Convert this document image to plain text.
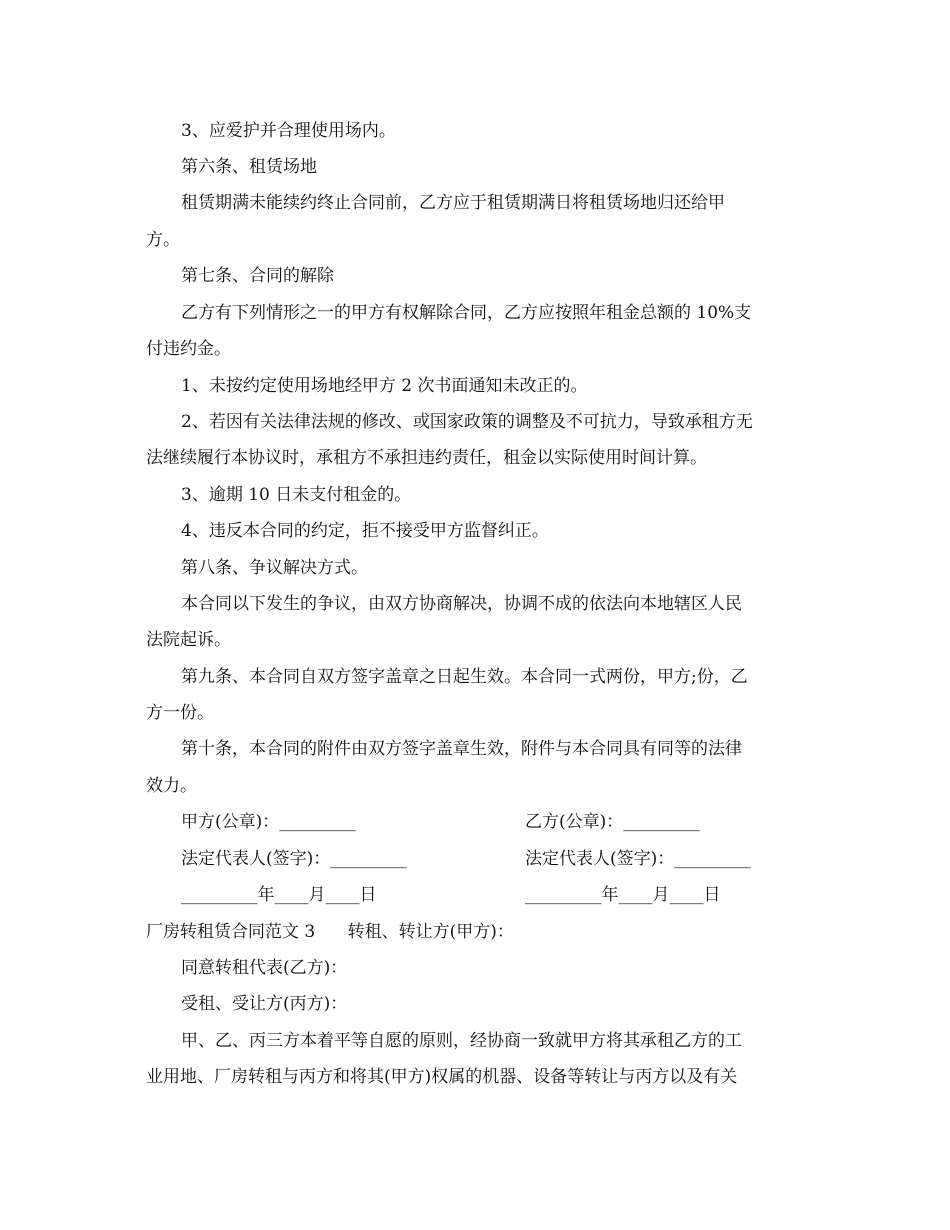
3、应爱护并合理使用场内。
第六条、租赁场地
租赁期满未能续约终止合同前，乙方应于租赁期满日将租赁场地归还给甲
方。
第七条、合同的解除
乙方有下列情形之一的甲方有权解除合同，乙方应按照年租金总额的 10%支
付违约金。
1、未按约定使用场地经甲方 2 次书面通知未改正的。
2、若因有关法律法规的修改、或国家政策的调整及不可抗力，导致承租方无
法继续履行本协议时，承租方不承担违约责任，租金以实际使用时间计算。
3、逾期 10 日未支付租金的。
4、违反本合同的约定，拒不接受甲方监督纠正。
第八条、争议解决方式。
本合同以下发生的争议，由双方协商解决，协调不成的依法向本地辖区人民
法院起诉。
第九条、本合同自双方签字盖章之日起生效。本合同一式两份，甲方;份，乙
方一份。
第十条，本合同的附件由双方签字盖章生效，附件与本合同具有同等的法律
效力。
甲方(公章)：_________	乙方(公章)：_________
法定代表人(签字)：_________	法定代表人(签字)：_________
_________年____月____日	_________年____月____日
厂房转租赁合同范文 3      转租、转让方(甲方)：
同意转租代表(乙方)：
受租、受让方(丙方)：
甲、乙、丙三方本着平等自愿的原则，经协商一致就甲方将其承租乙方的工
业用地、厂房转租与丙方和将其(甲方)权属的机器、设备等转让与丙方以及有关
